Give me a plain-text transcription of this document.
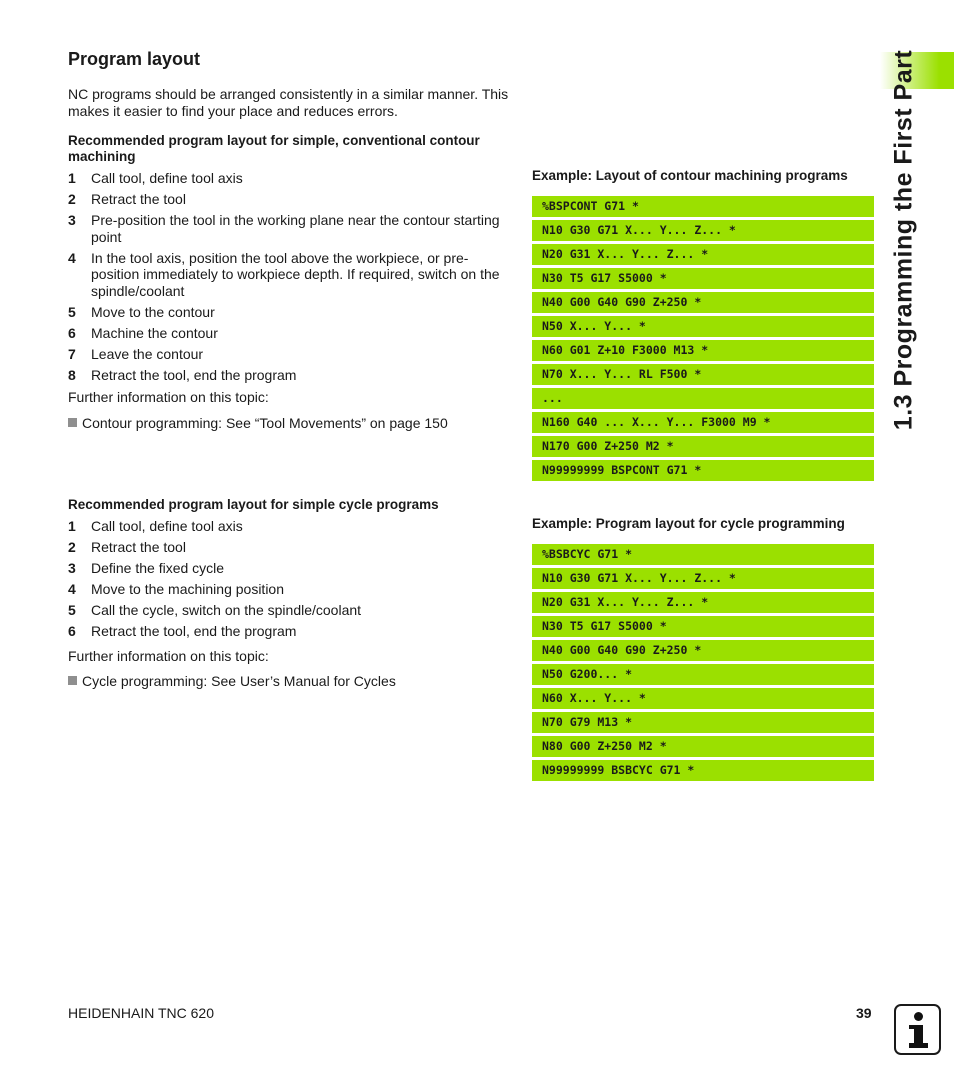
1.3 Programming the First Part
Program layout

NC programs should be arranged consistently in a similar manner. This makes it easier to find your place and reduces errors.

Recommended program layout for simple, conventional contour machining

1 Call tool, define tool axis
2 Retract the tool
3 Pre-position the tool in the working plane near the contour starting point
4 In the tool axis, position the tool above the workpiece, or pre-position immediately to workpiece depth. If required, switch on the spindle/coolant
5 Move to the contour
6 Machine the contour
7 Leave the contour
8 Retract the tool, end the program

Further information on this topic:

Contour programming: See “Tool Movements” on page 150

Recommended program layout for simple cycle programs

1 Call tool, define tool axis
2 Retract the tool
3 Define the fixed cycle
4 Move to the machining position
5 Call the cycle, switch on the spindle/coolant
6 Retract the tool, end the program

Further information on this topic:

Cycle programming: See User’s Manual for Cycles

Example: Layout of contour machining programs

%BSPCONT G71 *
N10 G30 G71 X... Y... Z... *
N20 G31 X... Y... Z... *
N30 T5 G17 S5000 *
N40 G00 G40 G90 Z+250 *
N50 X... Y... *
N60 G01 Z+10 F3000 M13 *
N70 X... Y... RL F500 *
...
N160 G40 ... X... Y... F3000 M9 *
N170 G00 Z+250 M2 *
N99999999 BSPCONT G71 *

Example: Program layout for cycle programming

%BSBCYC G71 *
N10 G30 G71 X... Y... Z... *
N20 G31 X... Y... Z... *
N30 T5 G17 S5000 *
N40 G00 G40 G90 Z+250 *
N50 G200... *
N60 X... Y... *
N70 G79 M13 *
N80 G00 Z+250 M2 *
N99999999 BSBCYC G71 *

HEIDENHAIN TNC 620	39
